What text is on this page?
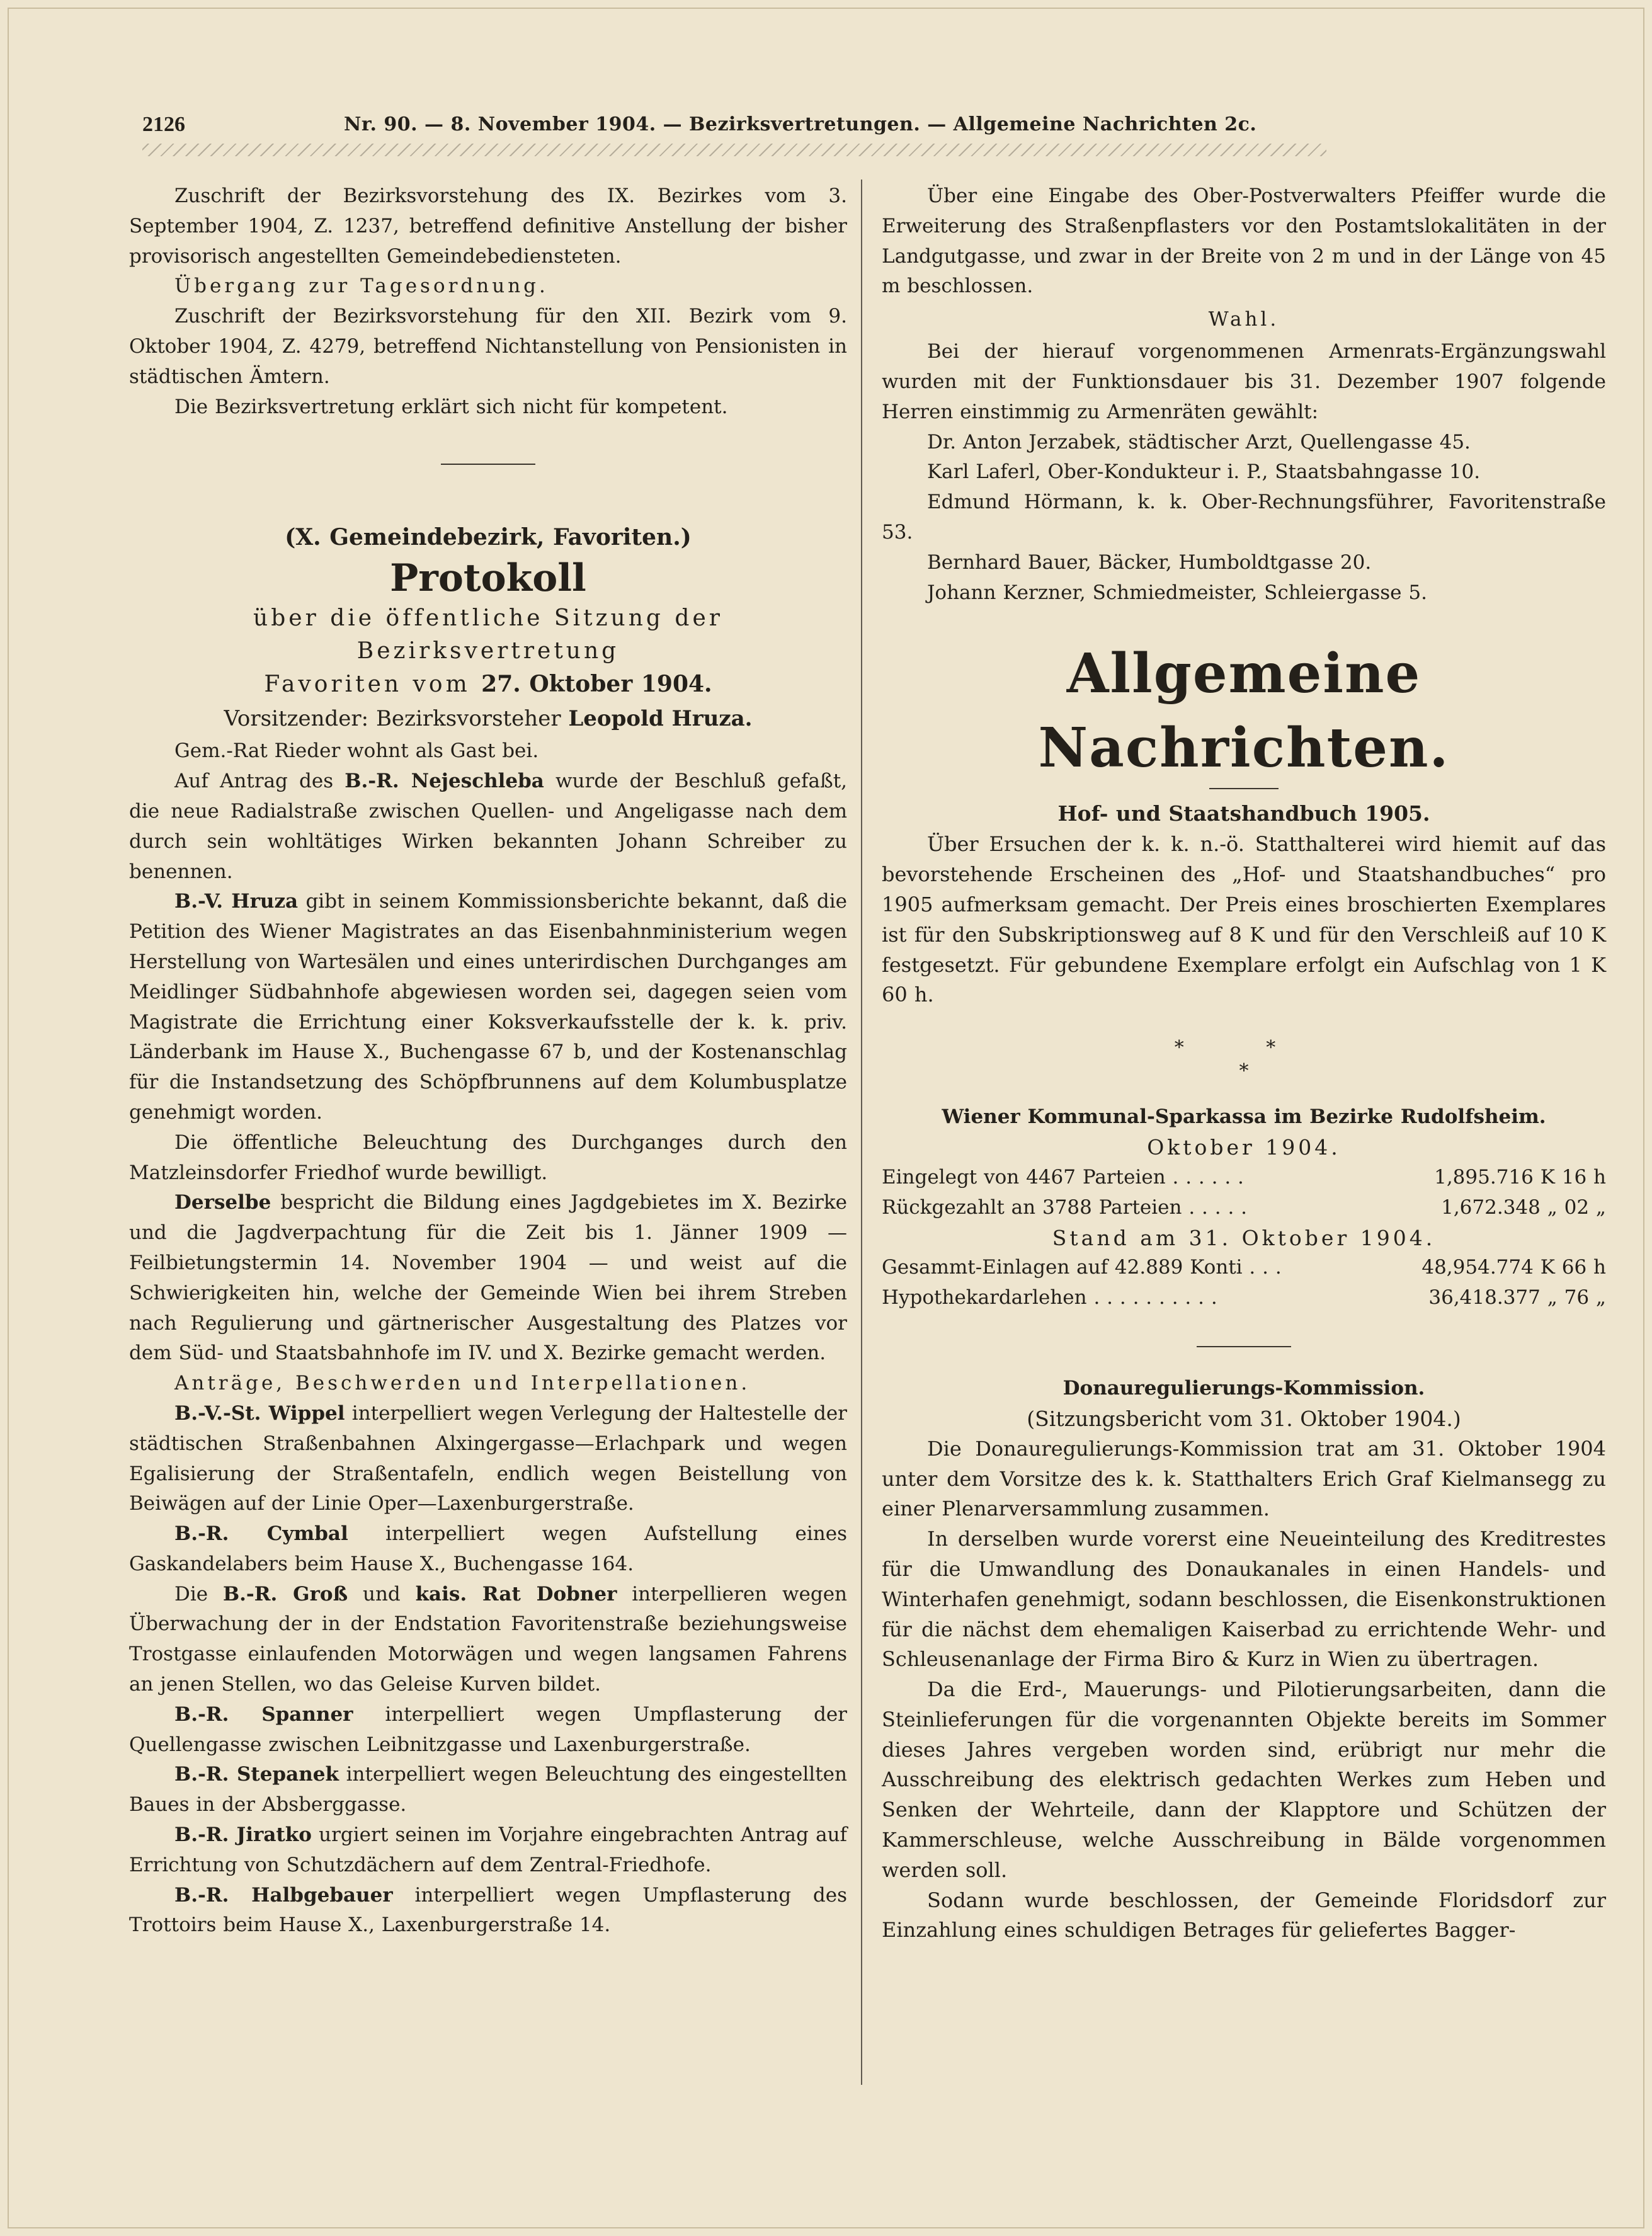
2126	Nr. 90. — 8. November 1904. — Bezirksvertretungen. — Allgemeine Nachrichten 2c.

Zuschrift der Bezirksvorstehung des IX. Bezirkes vom 3. September 1904, Z. 1237, betreffend definitive Anstellung der bisher provisorisch angestellten Gemeindebediensteten.

Übergang zur Tagesordnung.

Zuschrift der Bezirksvorstehung für den XII. Bezirk vom 9. Oktober 1904, Z. 4279, betreffend Nichtanstellung von Pensionisten in städtischen Ämtern.

Die Bezirksvertretung erklärt sich nicht für kompetent.

(X. Gemeindebezirk, Favoriten.)

Protokoll

über die öffentliche Sitzung der Bezirksvertretung

Favoriten vom 27. Oktober 1904.

Vorsitzender: Bezirksvorsteher Leopold Hruza.

Gem.-Rat Rieder wohnt als Gast bei.

Auf Antrag des B.-R. Nejeschleba wurde der Beschluß gefaßt, die neue Radialstraße zwischen Quellen- und Angeligasse nach dem durch sein wohltätiges Wirken bekannten Johann Schreiber zu benennen.

B.-V. Hruza gibt in seinem Kommissionsberichte bekannt, daß die Petition des Wiener Magistrates an das Eisenbahnministerium wegen Herstellung von Wartesälen und eines unterirdischen Durchganges am Meidlinger Südbahnhofe abgewiesen worden sei, dagegen seien vom Magistrate die Errichtung einer Koksverkaufsstelle der k. k. priv. Länderbank im Hause X., Buchengasse 67 b, und der Kostenanschlag für die Instandsetzung des Schöpfbrunnens auf dem Kolumbusplatze genehmigt worden.

Die öffentliche Beleuchtung des Durchganges durch den Matzleinsdorfer Friedhof wurde bewilligt.

Derselbe bespricht die Bildung eines Jagdgebietes im X. Bezirke und die Jagdverpachtung für die Zeit bis 1. Jänner 1909 — Feilbietungstermin 14. November 1904 — und weist auf die Schwierigkeiten hin, welche der Gemeinde Wien bei ihrem Streben nach Regulierung und gärtnerischer Ausgestaltung des Platzes vor dem Süd- und Staatsbahnhofe im IV. und X. Bezirke gemacht werden.

Anträge, Beschwerden und Interpellationen.

B.-V.-St. Wippel interpelliert wegen Verlegung der Haltestelle der städtischen Straßenbahnen Alxingergasse—Erlachpark und wegen Egalisierung der Straßentafeln, endlich wegen Beistellung von Beiwägen auf der Linie Oper—Laxenburgerstraße.

B.-R. Cymbal interpelliert wegen Aufstellung eines Gaskandelabers beim Hause X., Buchengasse 164.

Die B.-R. Groß und kais. Rat Dobner interpellieren wegen Überwachung der in der Endstation Favoritenstraße beziehungsweise Trostgasse einlaufenden Motorwägen und wegen langsamen Fahrens an jenen Stellen, wo das Geleise Kurven bildet.

B.-R. Spanner interpelliert wegen Umpflasterung der Quellengasse zwischen Leibnitzgasse und Laxenburgerstraße.

B.-R. Stepanek interpelliert wegen Beleuchtung des eingestellten Baues in der Absberggasse.

B.-R. Jiratko urgiert seinen im Vorjahre eingebrachten Antrag auf Errichtung von Schutzdächern auf dem Zentral-Friedhofe.

B.-R. Halbgebauer interpelliert wegen Umpflasterung des Trottoirs beim Hause X., Laxenburgerstraße 14.

Über eine Eingabe des Ober-Postverwalters Pfeiffer wurde die Erweiterung des Straßenpflasters vor den Postamtslokalitäten in der Landgutgasse, und zwar in der Breite von 2 m und in der Länge von 45 m beschlossen.

Wahl.

Bei der hierauf vorgenommenen Armenrats-Ergänzungswahl wurden mit der Funktionsdauer bis 31. Dezember 1907 folgende Herren einstimmig zu Armenräten gewählt:

Dr. Anton Jerzabek, städtischer Arzt, Quellengasse 45.

Karl Laferl, Ober-Kondukteur i. P., Staatsbahngasse 10.

Edmund Hörmann, k. k. Ober-Rechnungsführer, Favoritenstraße 53.

Bernhard Bauer, Bäcker, Humboldtgasse 20.

Johann Kerzner, Schmiedmeister, Schleiergasse 5.

Allgemeine Nachrichten.

Hof- und Staatshandbuch 1905.

Über Ersuchen der k. k. n.-ö. Statthalterei wird hiemit auf das bevorstehende Erscheinen des „Hof- und Staatshandbuches“ pro 1905 aufmerksam gemacht. Der Preis eines broschierten Exemplares ist für den Subskriptionsweg auf 8 K und für den Verschleiß auf 10 K festgesetzt. Für gebundene Exemplare erfolgt ein Aufschlag von 1 K 60 h.

* *

*

Wiener Kommunal-Sparkassa im Bezirke Rudolfsheim.

Oktober 1904.

Eingelegt von 4467 Parteien . . . . . .	1,895.716 K 16 h
Rückgezahlt an 3788 Parteien . . . . .	1,672.348 „ 02 „

Stand am 31. Oktober 1904.

Gesammt-Einlagen auf 42.889 Konti . . .	48,954.774 K 66 h
Hypothekardarlehen . . . . . . . . . .	36,418.377 „ 76 „

Donauregulierungs-Kommission.

(Sitzungsbericht vom 31. Oktober 1904.)

Die Donauregulierungs-Kommission trat am 31. Oktober 1904 unter dem Vorsitze des k. k. Statthalters Erich Graf Kielmansegg zu einer Plenarversammlung zusammen.

In derselben wurde vorerst eine Neueinteilung des Kreditrestes für die Umwandlung des Donaukanales in einen Handels- und Winterhafen genehmigt, sodann beschlossen, die Eisenkonstruktionen für die nächst dem ehemaligen Kaiserbad zu errichtende Wehr- und Schleusenanlage der Firma Biro & Kurz in Wien zu übertragen.

Da die Erd-, Mauerungs- und Pilotierungsarbeiten, dann die Steinlieferungen für die vorgenannten Objekte bereits im Sommer dieses Jahres vergeben worden sind, erübrigt nur mehr die Ausschreibung des elektrisch gedachten Werkes zum Heben und Senken der Wehrteile, dann der Klapptore und Schützen der Kammerschleuse, welche Ausschreibung in Bälde vorgenommen werden soll.

Sodann wurde beschlossen, der Gemeinde Floridsdorf zur Einzahlung eines schuldigen Betrages für geliefertes Bagger-
